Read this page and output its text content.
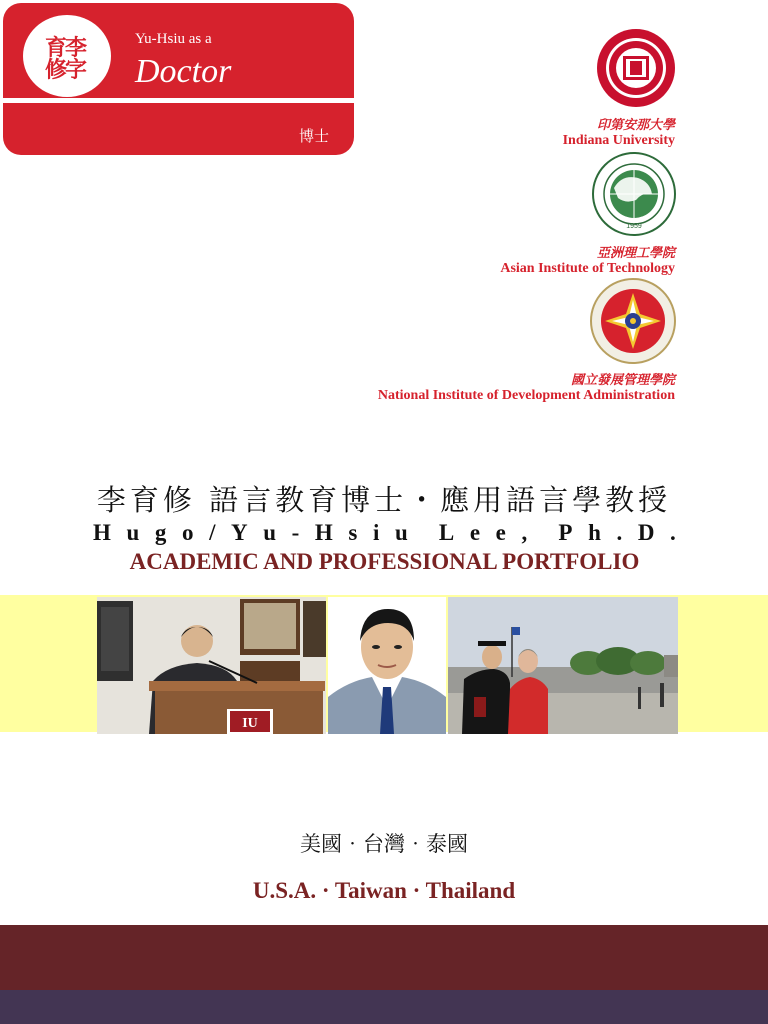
育李修字
Yu-Hsiu as a
Doctor
博士
印第安那大學
Indiana University
1959
亞洲理工學院
Asian Institute of Technology
國立發展管理學院
National Institute of Development Administration
李育修 語言教育博士・應用語言學教授
H u g o / Y u - H s i u L e e , P h . D .
ACADEMIC AND PROFESSIONAL PORTFOLIO
IU
美國‧台灣‧泰國
U.S.A. · Taiwan · Thailand
